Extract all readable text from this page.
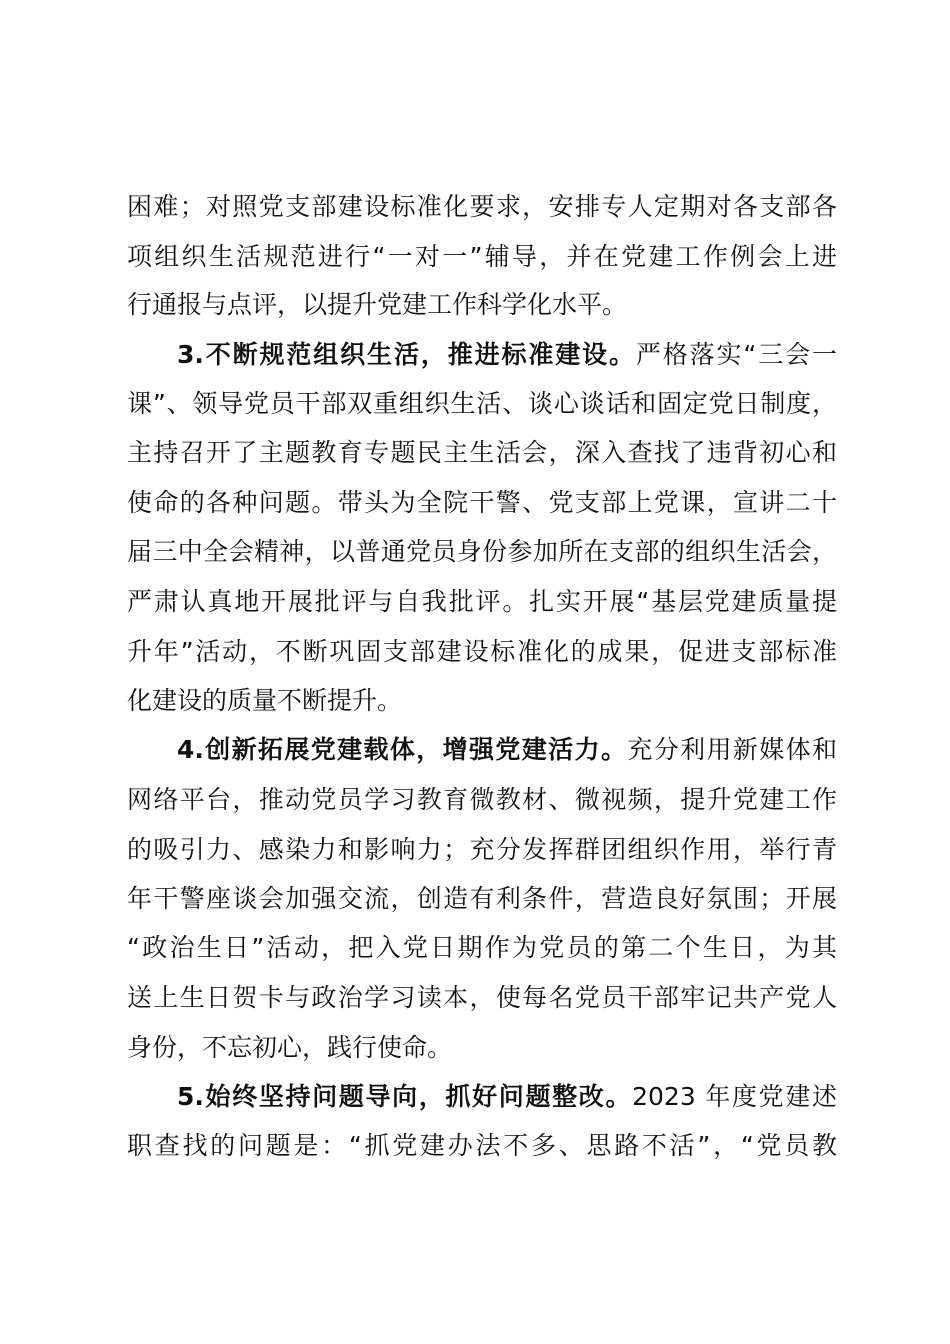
困难；对照党支部建设标准化要求，安排专人定期对各支部各
项组织生活规范进行“一对一”辅导，并在党建工作例会上进
行通报与点评，以提升党建工作科学化水平。
3.不断规范组织生活，推进标准建设。严格落实“三会一
课”、领导党员干部双重组织生活、谈心谈话和固定党日制度，
主持召开了主题教育专题民主生活会，深入查找了违背初心和
使命的各种问题。带头为全院干警、党支部上党课，宣讲二十
届三中全会精神，以普通党员身份参加所在支部的组织生活会，
严肃认真地开展批评与自我批评。扎实开展“基层党建质量提
升年”活动，不断巩固支部建设标准化的成果，促进支部标准
化建设的质量不断提升。
4.创新拓展党建载体，增强党建活力。充分利用新媒体和
网络平台，推动党员学习教育微教材、微视频，提升党建工作
的吸引力、感染力和影响力；充分发挥群团组织作用，举行青
年干警座谈会加强交流，创造有利条件，营造良好氛围；开展
“政治生日”活动，把入党日期作为党员的第二个生日，为其
送上生日贺卡与政治学习读本，使每名党员干部牢记共产党人
身份，不忘初心，践行使命。
5.始终坚持问题导向，抓好问题整改。2023 年度党建述
职查找的问题是：“抓党建办法不多、思路不活”，“党员教
